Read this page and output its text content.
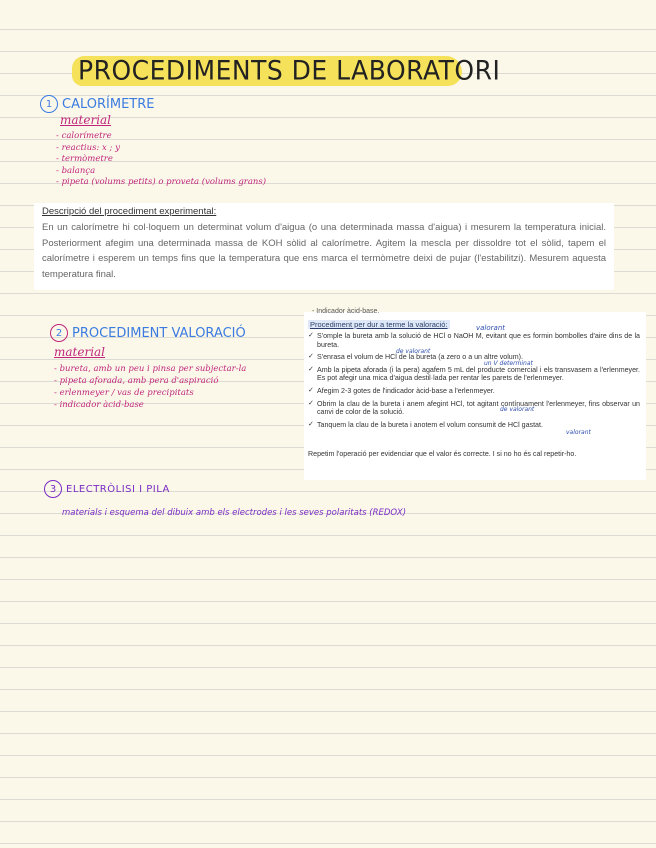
PROCEDIMENTS DE LABORATORI
1 CALORÍMETRE
material
- calorímetre
- reactius: x ; y
- termòmetre
- balança
- pipeta (volums petits) o proveta (volums grans)
Descripció del procediment experimental:
En un calorímetre hi col·loquem un determinat volum d'aigua (o una determinada massa d'aigua) i mesurem la temperatura inicial. Posteriorment afegim una determinada massa de KOH sòlid al calorímetre. Agitem la mescla per dissoldre tot el sòlid, tapem el calorímetre i esperem un temps fins que la temperatura que ens marca el termòmetre deixi de pujar (l'estabilitzi). Mesurem aquesta temperatura final.
2 PROCEDIMENT VALORACIÓ
material
- bureta, amb un peu i pinsa per subjectar-la
- pipeta aforada, amb pera d'aspiració
- erlenmeyer / vas de precipitats
- indicador àcid-base
- Indicador àcid-base.
Procediment per dur a terme la valoració:
✓ S'omple la bureta amb la solució de HCl o NaOH M, evitant que es formin bombolles d'aire dins de la bureta.
✓ S'enrasa el volum de HCl de la bureta (a zero o a un altre volum).
✓ Amb la pipeta aforada (i la pera) agafem 5 mL del producte comercial i els transvasem a l'erlenmeyer. Es pot afegir una mica d'aigua destil·lada per rentar les parets de l'erlenmeyer.
✓ Afegim 2-3 gotes de l'indicador àcid-base a l'erlenmeyer.
✓ Obrim la clau de la bureta i anem afegint HCl, tot agitant contínuament l'erlenmeyer, fins observar un canvi de color de la solució.
✓ Tanquem la clau de la bureta i anotem el volum consumit de HCl gastat.
Repetim l'operació per evidenciar que el valor és correcte. I si no ho és cal repetir-ho.
valorant
de valorant
un V determinat
de valorant
valorant
3 ELECTRÒLISI I PILA
materials i esquema del dibuix amb els electrodes i les seves polaritats (REDOX)
